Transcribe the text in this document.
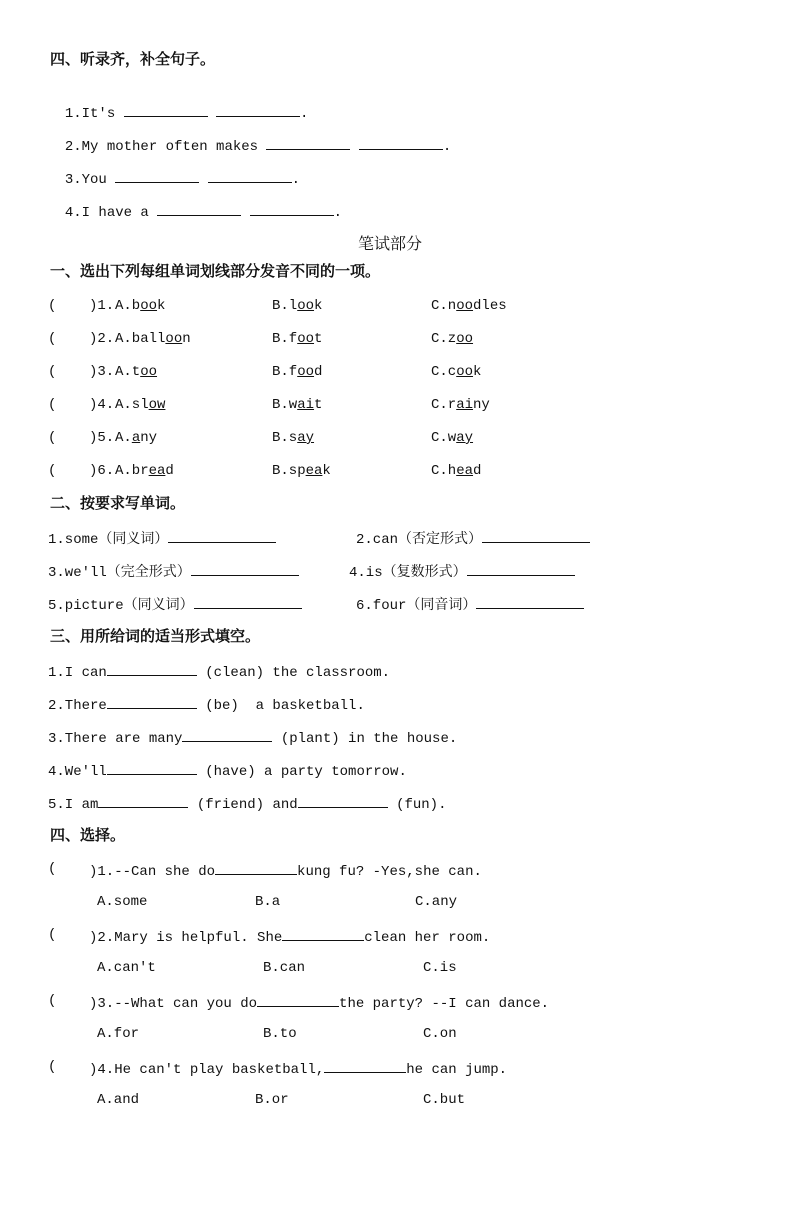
四、听录齐，补全句子。

1.It's	.

2.My mother often makes	.

3.You	.

4.I have a	.

笔试部分
一、选出下列每组单词划线部分发音不同的一项。
( )1. A.book	B.look	C.noodles
( )2. A.balloon	B.foot	C.zoo
( )3. A.too	B.food	C.cook
( )4. A.slow	B.wait	C.rainy
( )5. A.any	B.say	C.way
( )6. A.bread	B.speak	C.head
二、按要求写单词。
1.some（同义词）	2.can（否定形式）
3.we'll（完全形式）	4.is（复数形式）
5.picture（同义词）	6.four（同音词）
三、用所给词的适当形式填空。
1.I can	(clean) the classroom.
2.There	(be)  a basketball.
3.There are many	(plant) in the house.
4.We'll	(have) a party tomorrow.
5.I am	(friend) and	(fun).
四、选择。
( )1.--Can she do	kung fu? -Yes,she can.
A.some	B.a	C.any
( )2.Mary is helpful. She	clean her room.
A.can't	B.can	C.is
( )3.--What can you do	the party? --I can dance.
A.for	B.to	C.on
( )4.He can't play basketball,	he can jump.
A.and	B.or	C.but
